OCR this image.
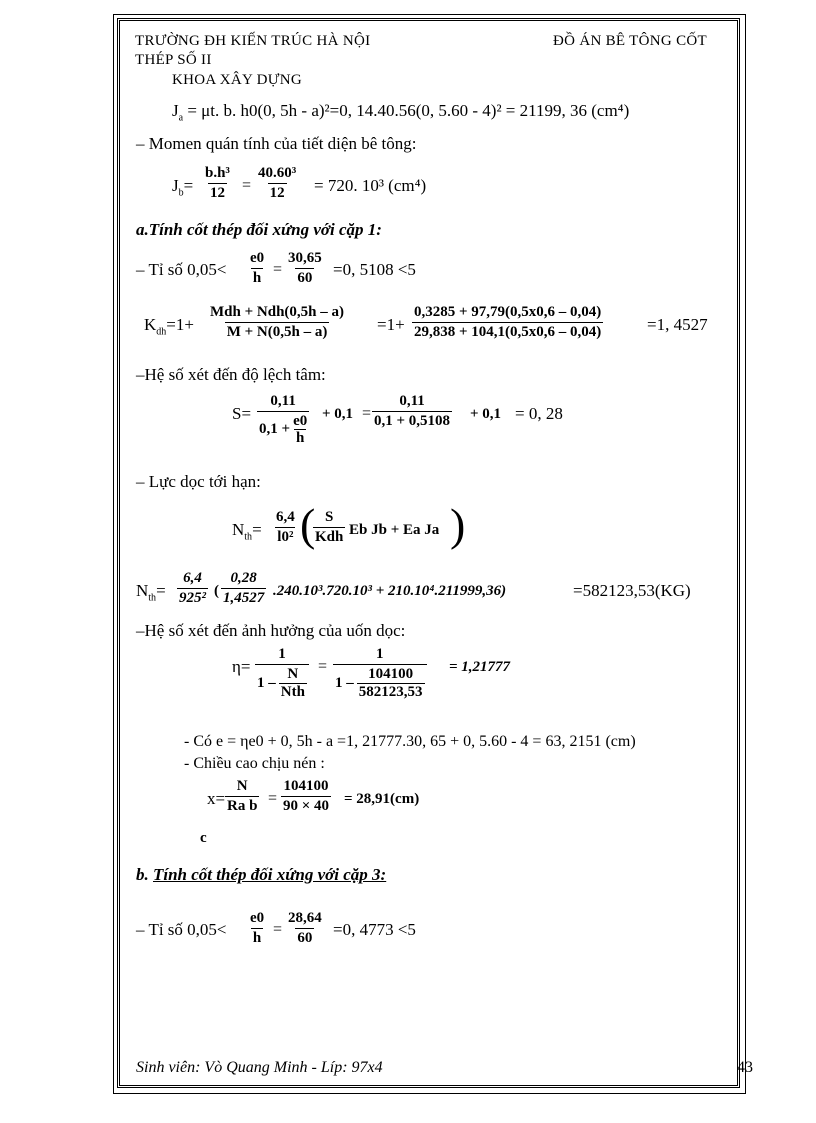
TRƯỜNG ĐH KIẾN TRÚC HÀ NỘI	ĐỒ ÁN BÊ TÔNG CỐT
THÉP SỐ II
KHOA XÂY DỰNG
$J_a = \mu t$. b. h0(0, 5h - a)²=0, 14.40.56(0, 5.60 - 4)² = 21199, 36 (cm⁴)
– Momen quán tính của tiết diện bê tông:
$J_b= \frac{\text{b.h³}}{12} = \frac{\text{40.60³}}{12} = 720$. 10³ (cm⁴)
a.Tính cốt thép đối xứng với cặp 1:
– Tỉ số $0,05< \frac{e0}{h} = \frac{30,65}{60} =0$, 5108 <5
$K_{dh}=1+$
Mdh + Ndh(0,5h – a)
M + N(0,5h – a)	$=1+ \frac{0,3285 + 97,79(0,5x0,6 - 0,04)}{29,838 + 104,1(0,5x0,6 - 0,04)}$	=1, 4527
–Hệ số xét đến độ lệch tâm:
$S= \frac{0,11}{0,1 + \frac{e0}{h}} + 0,1 = \frac{0,11}{0,1 + 0,5108} + 0,1 = 0$, 28
– Lực dọc tới hạn:
$N_{th}= \frac{6,4}{\text{l0²}}$ ( S
Kdh Eb Jb + Ea Ja )
$N_{th}= \frac{6,4}{\text{925²}}$ ( $\frac{0,28}{1,4527} .240.10^3.720.10^3 + 210.10^4.211999,36$)	=582123,53(KG)
–Hệ số xét đến ảnh hưởng của uốn dọc:
η=
1
1 –
N
Nth
= $\frac{1}{1 - \frac{104100}{582123,53}} = 1,21777$
- Có e = ηe0 + 0, 5h - a =1, 21777.30, 65 + 0, 5.60 - 4 = 63, 2151 (cm)
- Chiều cao chịu nén :
$x= \frac{N}{\text{Ra b}} = \frac{104100}{90 \times 40} = 28,91(cm)$
c
b. Tính cốt thép đối xứng với cặp 3:
– Tỉ số $0,05< \frac{e0}{h} = \frac{28,64}{60} =0$, 4773 <5
Sinh viên: Vò Quang Minh - Líp: 97x4	43
